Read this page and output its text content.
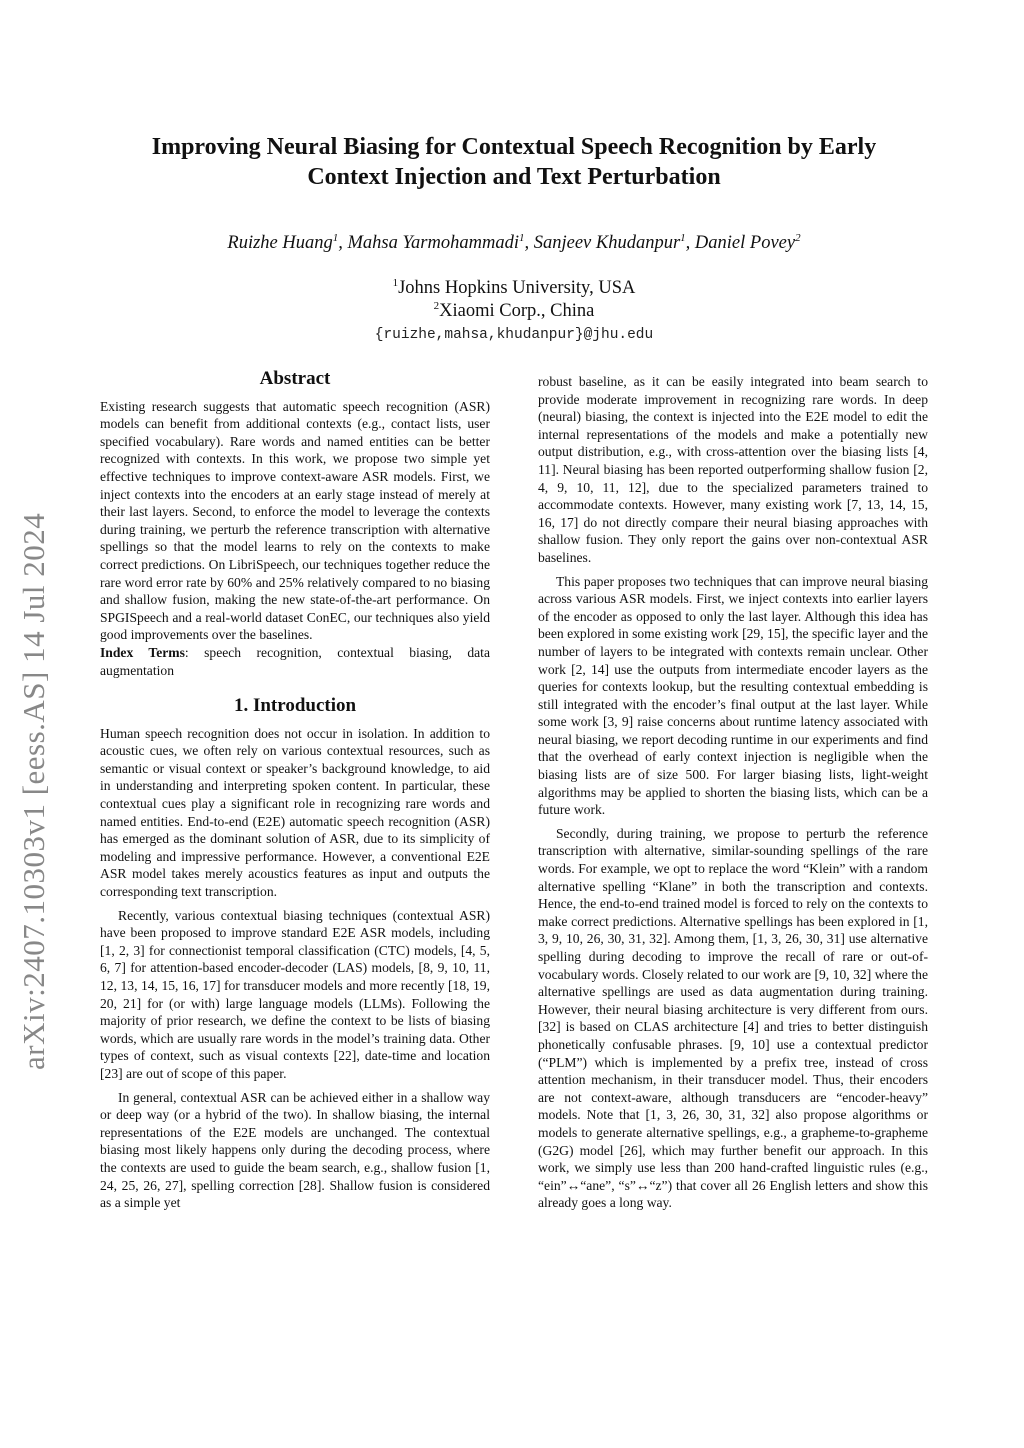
arXiv:2407.10303v1 [eess.AS] 14 Jul 2024
Improving Neural Biasing for Contextual Speech Recognition by Early
Context Injection and Text Perturbation
Ruizhe Huang$^1$, Mahsa Yarmohammadi$^1$, Sanjeev Khudanpur$^1$, Daniel Povey$^2$
$^1$Johns Hopkins University, USA
$^2$Xiaomi Corp., China
{ruizhe,mahsa,khudanpur}@jhu.edu
Abstract

Existing research suggests that automatic speech recognition (ASR) models can benefit from additional contexts (e.g., contact lists, user specified vocabulary). Rare words and named entities can be better recognized with contexts. In this work, we propose two simple yet effective techniques to improve context-aware ASR models. First, we inject contexts into the encoders at an early stage instead of merely at their last layers. Second, to enforce the model to leverage the contexts during training, we perturb the reference transcription with alternative spellings so that the model learns to rely on the contexts to make correct predictions. On LibriSpeech, our techniques together reduce the rare word error rate by 60% and 25% relatively compared to no biasing and shallow fusion, making the new state-of-the-art performance. On SPGISpeech and a real-world dataset ConEC, our techniques also yield good improvements over the baselines.

Index Terms: speech recognition, contextual biasing, data augmentation

1. Introduction

Human speech recognition does not occur in isolation. In addition to acoustic cues, we often rely on various contextual resources, such as semantic or visual context or speaker’s background knowledge, to aid in understanding and interpreting spoken content. In particular, these contextual cues play a significant role in recognizing rare words and named entities. End-to-end (E2E) automatic speech recognition (ASR) has emerged as the dominant solution of ASR, due to its simplicity of modeling and impressive performance. However, a conventional E2E ASR model takes merely acoustics features as input and outputs the corresponding text transcription.

Recently, various contextual biasing techniques (contextual ASR) have been proposed to improve standard E2E ASR models, including [1, 2, 3] for connectionist temporal classification (CTC) models, [4, 5, 6, 7] for attention-based encoder-decoder (LAS) models, [8, 9, 10, 11, 12, 13, 14, 15, 16, 17] for transducer models and more recently [18, 19, 20, 21] for (or with) large language models (LLMs). Following the majority of prior research, we define the context to be lists of biasing words, which are usually rare words in the model’s training data. Other types of context, such as visual contexts [22], date-time and location [23] are out of scope of this paper.

In general, contextual ASR can be achieved either in a shallow way or deep way (or a hybrid of the two). In shallow biasing, the internal representations of the E2E models are unchanged. The contextual biasing most likely happens only during the decoding process, where the contexts are used to guide the beam search, e.g., shallow fusion [1, 24, 25, 26, 27], spelling correction [28]. Shallow fusion is considered as a simple yet

robust baseline, as it can be easily integrated into beam search to provide moderate improvement in recognizing rare words. In deep (neural) biasing, the context is injected into the E2E model to edit the internal representations of the models and make a potentially new output distribution, e.g., with cross-attention over the biasing lists [4, 11]. Neural biasing has been reported outperforming shallow fusion [2, 4, 9, 10, 11, 12], due to the specialized parameters trained to accommodate contexts. However, many existing work [7, 13, 14, 15, 16, 17] do not directly compare their neural biasing approaches with shallow fusion. They only report the gains over non-contextual ASR baselines.

This paper proposes two techniques that can improve neural biasing across various ASR models. First, we inject contexts into earlier layers of the encoder as opposed to only the last layer. Although this idea has been explored in some existing work [29, 15], the specific layer and the number of layers to be integrated with contexts remain unclear. Other work [2, 14] use the outputs from intermediate encoder layers as the queries for contexts lookup, but the resulting contextual embedding is still integrated with the encoder’s final output at the last layer. While some work [3, 9] raise concerns about runtime latency associated with neural biasing, we report decoding runtime in our experiments and find that the overhead of early context injection is negligible when the biasing lists are of size 500. For larger biasing lists, light-weight algorithms may be applied to shorten the biasing lists, which can be a future work.

Secondly, during training, we propose to perturb the reference transcription with alternative, similar-sounding spellings of the rare words. For example, we opt to replace the word “Klein” with a random alternative spelling “Klane” in both the transcription and contexts. Hence, the end-to-end trained model is forced to rely on the contexts to make correct predictions. Alternative spellings has been explored in [1, 3, 9, 10, 26, 30, 31, 32]. Among them, [1, 3, 26, 30, 31] use alternative spelling during decoding to improve the recall of rare or out-of-vocabulary words. Closely related to our work are [9, 10, 32] where the alternative spellings are used as data augmentation during training. However, their neural biasing architecture is very different from ours. [32] is based on CLAS architecture [4] and tries to better distinguish phonetically confusable phrases. [9, 10] use a contextual predictor (“PLM”) which is implemented by a prefix tree, instead of cross attention mechanism, in their transducer model. Thus, their encoders are not context-aware, although transducers are “encoder-heavy” models. Note that [1, 3, 26, 30, 31, 32] also propose algorithms or models to generate alternative spellings, e.g., a grapheme-to-grapheme (G2G) model [26], which may further benefit our approach. In this work, we simply use less than 200 hand-crafted linguistic rules (e.g., “ein”↔“ane”, “s”↔“z”) that cover all 26 English letters and show this already goes a long way.
